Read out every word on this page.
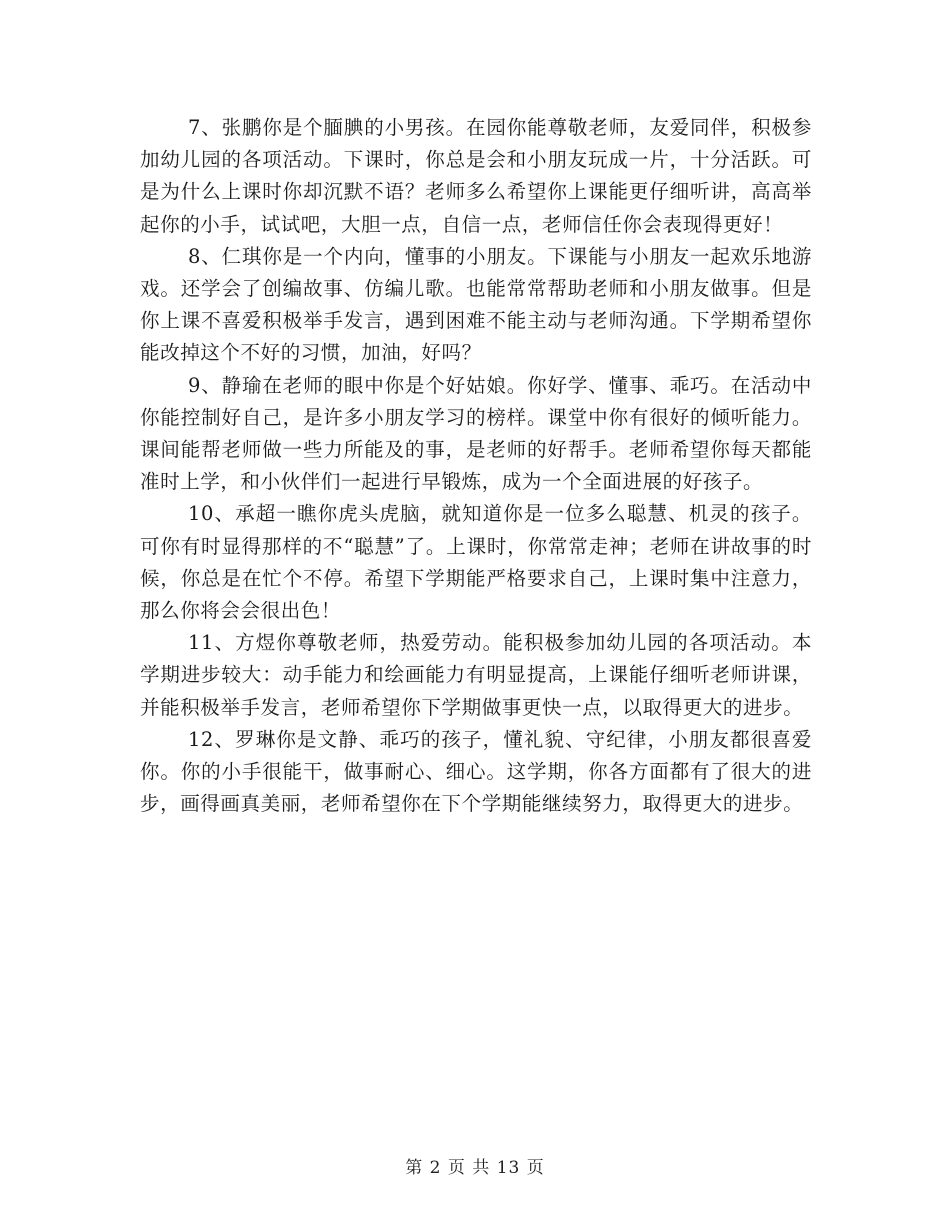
7、张鹏你是个腼腆的小男孩。在园你能尊敬老师，友爱同伴，积极参加幼儿园的各项活动。下课时，你总是会和小朋友玩成一片，十分活跃。可是为什么上课时你却沉默不语？老师多么希望你上课能更仔细听讲，高高举起你的小手，试试吧，大胆一点，自信一点，老师信任你会表现得更好！

8、仁琪你是一个内向，懂事的小朋友。下课能与小朋友一起欢乐地游戏。还学会了创编故事、仿编儿歌。也能常常帮助老师和小朋友做事。但是你上课不喜爱积极举手发言，遇到困难不能主动与老师沟通。下学期希望你能改掉这个不好的习惯，加油，好吗？

9、静瑜在老师的眼中你是个好姑娘。你好学、懂事、乖巧。在活动中你能控制好自己，是许多小朋友学习的榜样。课堂中你有很好的倾听能力。课间能帮老师做一些力所能及的事，是老师的好帮手。老师希望你每天都能准时上学，和小伙伴们一起进行早锻炼，成为一个全面进展的好孩子。

10、承超一瞧你虎头虎脑，就知道你是一位多么聪慧、机灵的孩子。可你有时显得那样的不“聪慧”了。上课时，你常常走神；老师在讲故事的时候，你总是在忙个不停。希望下学期能严格要求自己，上课时集中注意力，那么你将会会很出色！

11、方煜你尊敬老师，热爱劳动。能积极参加幼儿园的各项活动。本学期进步较大：动手能力和绘画能力有明显提高，上课能仔细听老师讲课，并能积极举手发言，老师希望你下学期做事更快一点，以取得更大的进步。

12、罗琳你是文静、乖巧的孩子，懂礼貌、守纪律，小朋友都很喜爱你。你的小手很能干，做事耐心、细心。这学期，你各方面都有了很大的进步，画得画真美丽，老师希望你在下个学期能继续努力，取得更大的进步。

第 2 页 共 13 页
